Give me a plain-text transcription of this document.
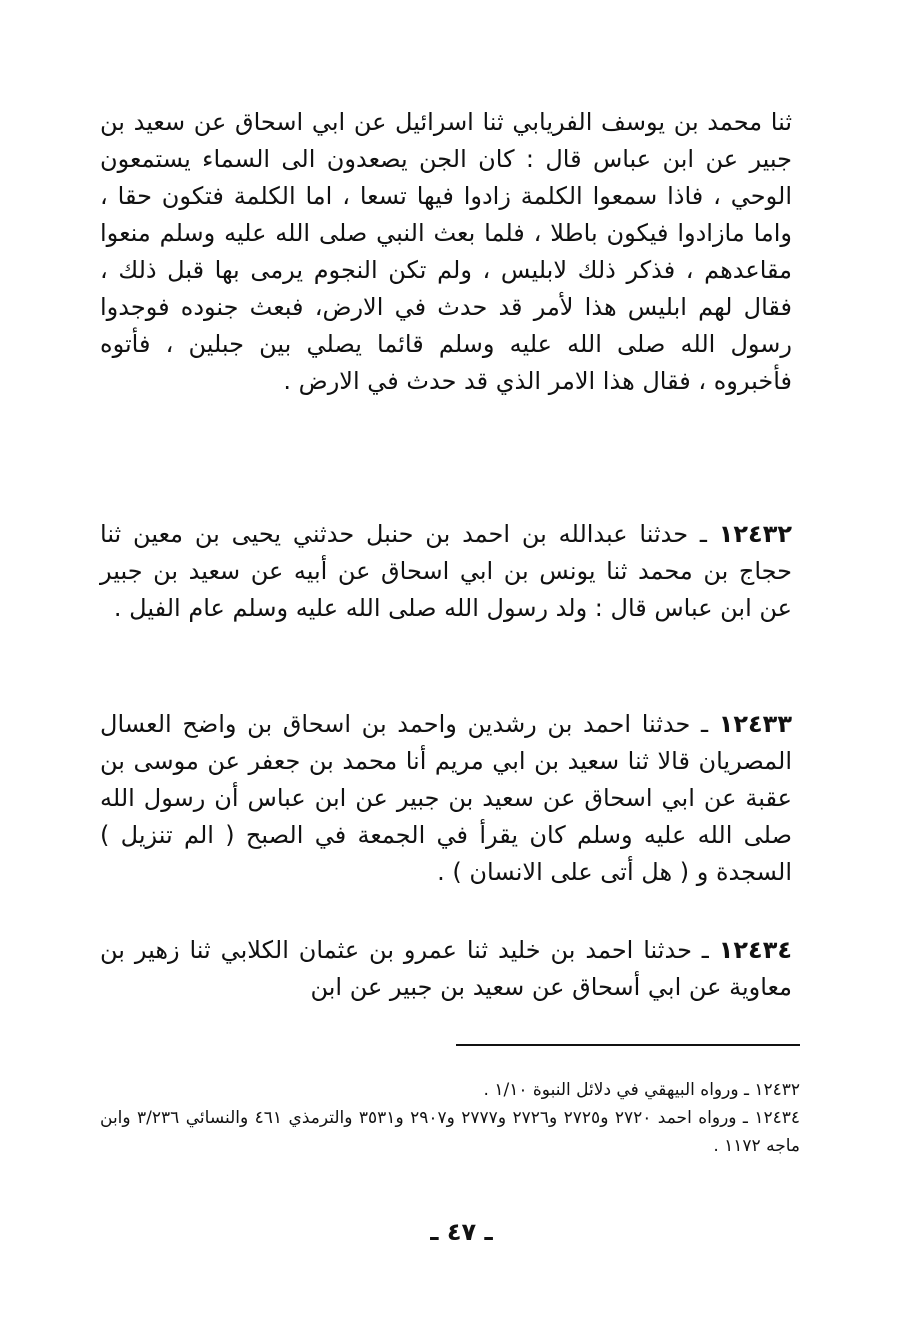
ثنا محمد بن يوسف الفريابي ثنا اسرائيل عن ابي اسحاق عن سعيد بن جبير عن ابن عباس قال : كان الجن يصعدون الى السماء يستمعون الوحي ، فاذا سمعوا الكلمة زادوا فيها تسعا ، اما الكلمة فتكون حقا ، واما مازادوا فيكون باطلا ، فلما بعث النبي صلى الله عليه وسلم منعوا مقاعدهم ، فذكر ذلك لابليس ، ولم تكن النجوم يرمى بها قبل ذلك ، فقال لهم ابليس هذا لأمر قد حدث في الارض، فبعث جنوده فوجدوا رسول الله صلى الله عليه وسلم قائما يصلي بين جبلين ، فأتوه فأخبروه ، فقال هذا الامر الذي قد حدث في الارض .

١٢٤٣٢ ـ حدثنا عبدالله بن احمد بن حنبل حدثني يحيى بن معين ثنا حجاج بن محمد ثنا يونس بن ابي اسحاق عن أبيه عن سعيد بن جبير عن ابن عباس قال : ولد رسول الله صلى الله عليه وسلم عام الفيل .

١٢٤٣٣ ـ حدثنا احمد بن رشدين واحمد بن اسحاق بن واضح العسال المصريان قالا ثنا سعيد بن ابي مريم أنا محمد بن جعفر عن موسى بن عقبة عن ابي اسحاق عن سعيد بن جبير عن ابن عباس أن رسول الله صلى الله عليه وسلم كان يقرأ في الجمعة في الصبح ( الم تنزيل ) السجدة و ( هل أتى على الانسان ) .

١٢٤٣٤ ـ حدثنا احمد بن خليد ثنا عمرو بن عثمان الكلابي ثنا زهير بن معاوية عن ابي أسحاق عن سعيد بن جبير عن ابن

١٢٤٣٢ ـ ورواه البيهقي في دلائل النبوة ١/١٠ .

١٢٤٣٤ ـ ورواه احمد ٢٧٢٠ و٢٧٢٥ و٢٧٢٦ و٢٧٧٧ و٢٩٠٧ و٣٥٣١ والترمذي ٤٦١ والنسائي ٣/٢٣٦ وابن ماجه ١١٧٢ .

ـ ٤٧ ـ
